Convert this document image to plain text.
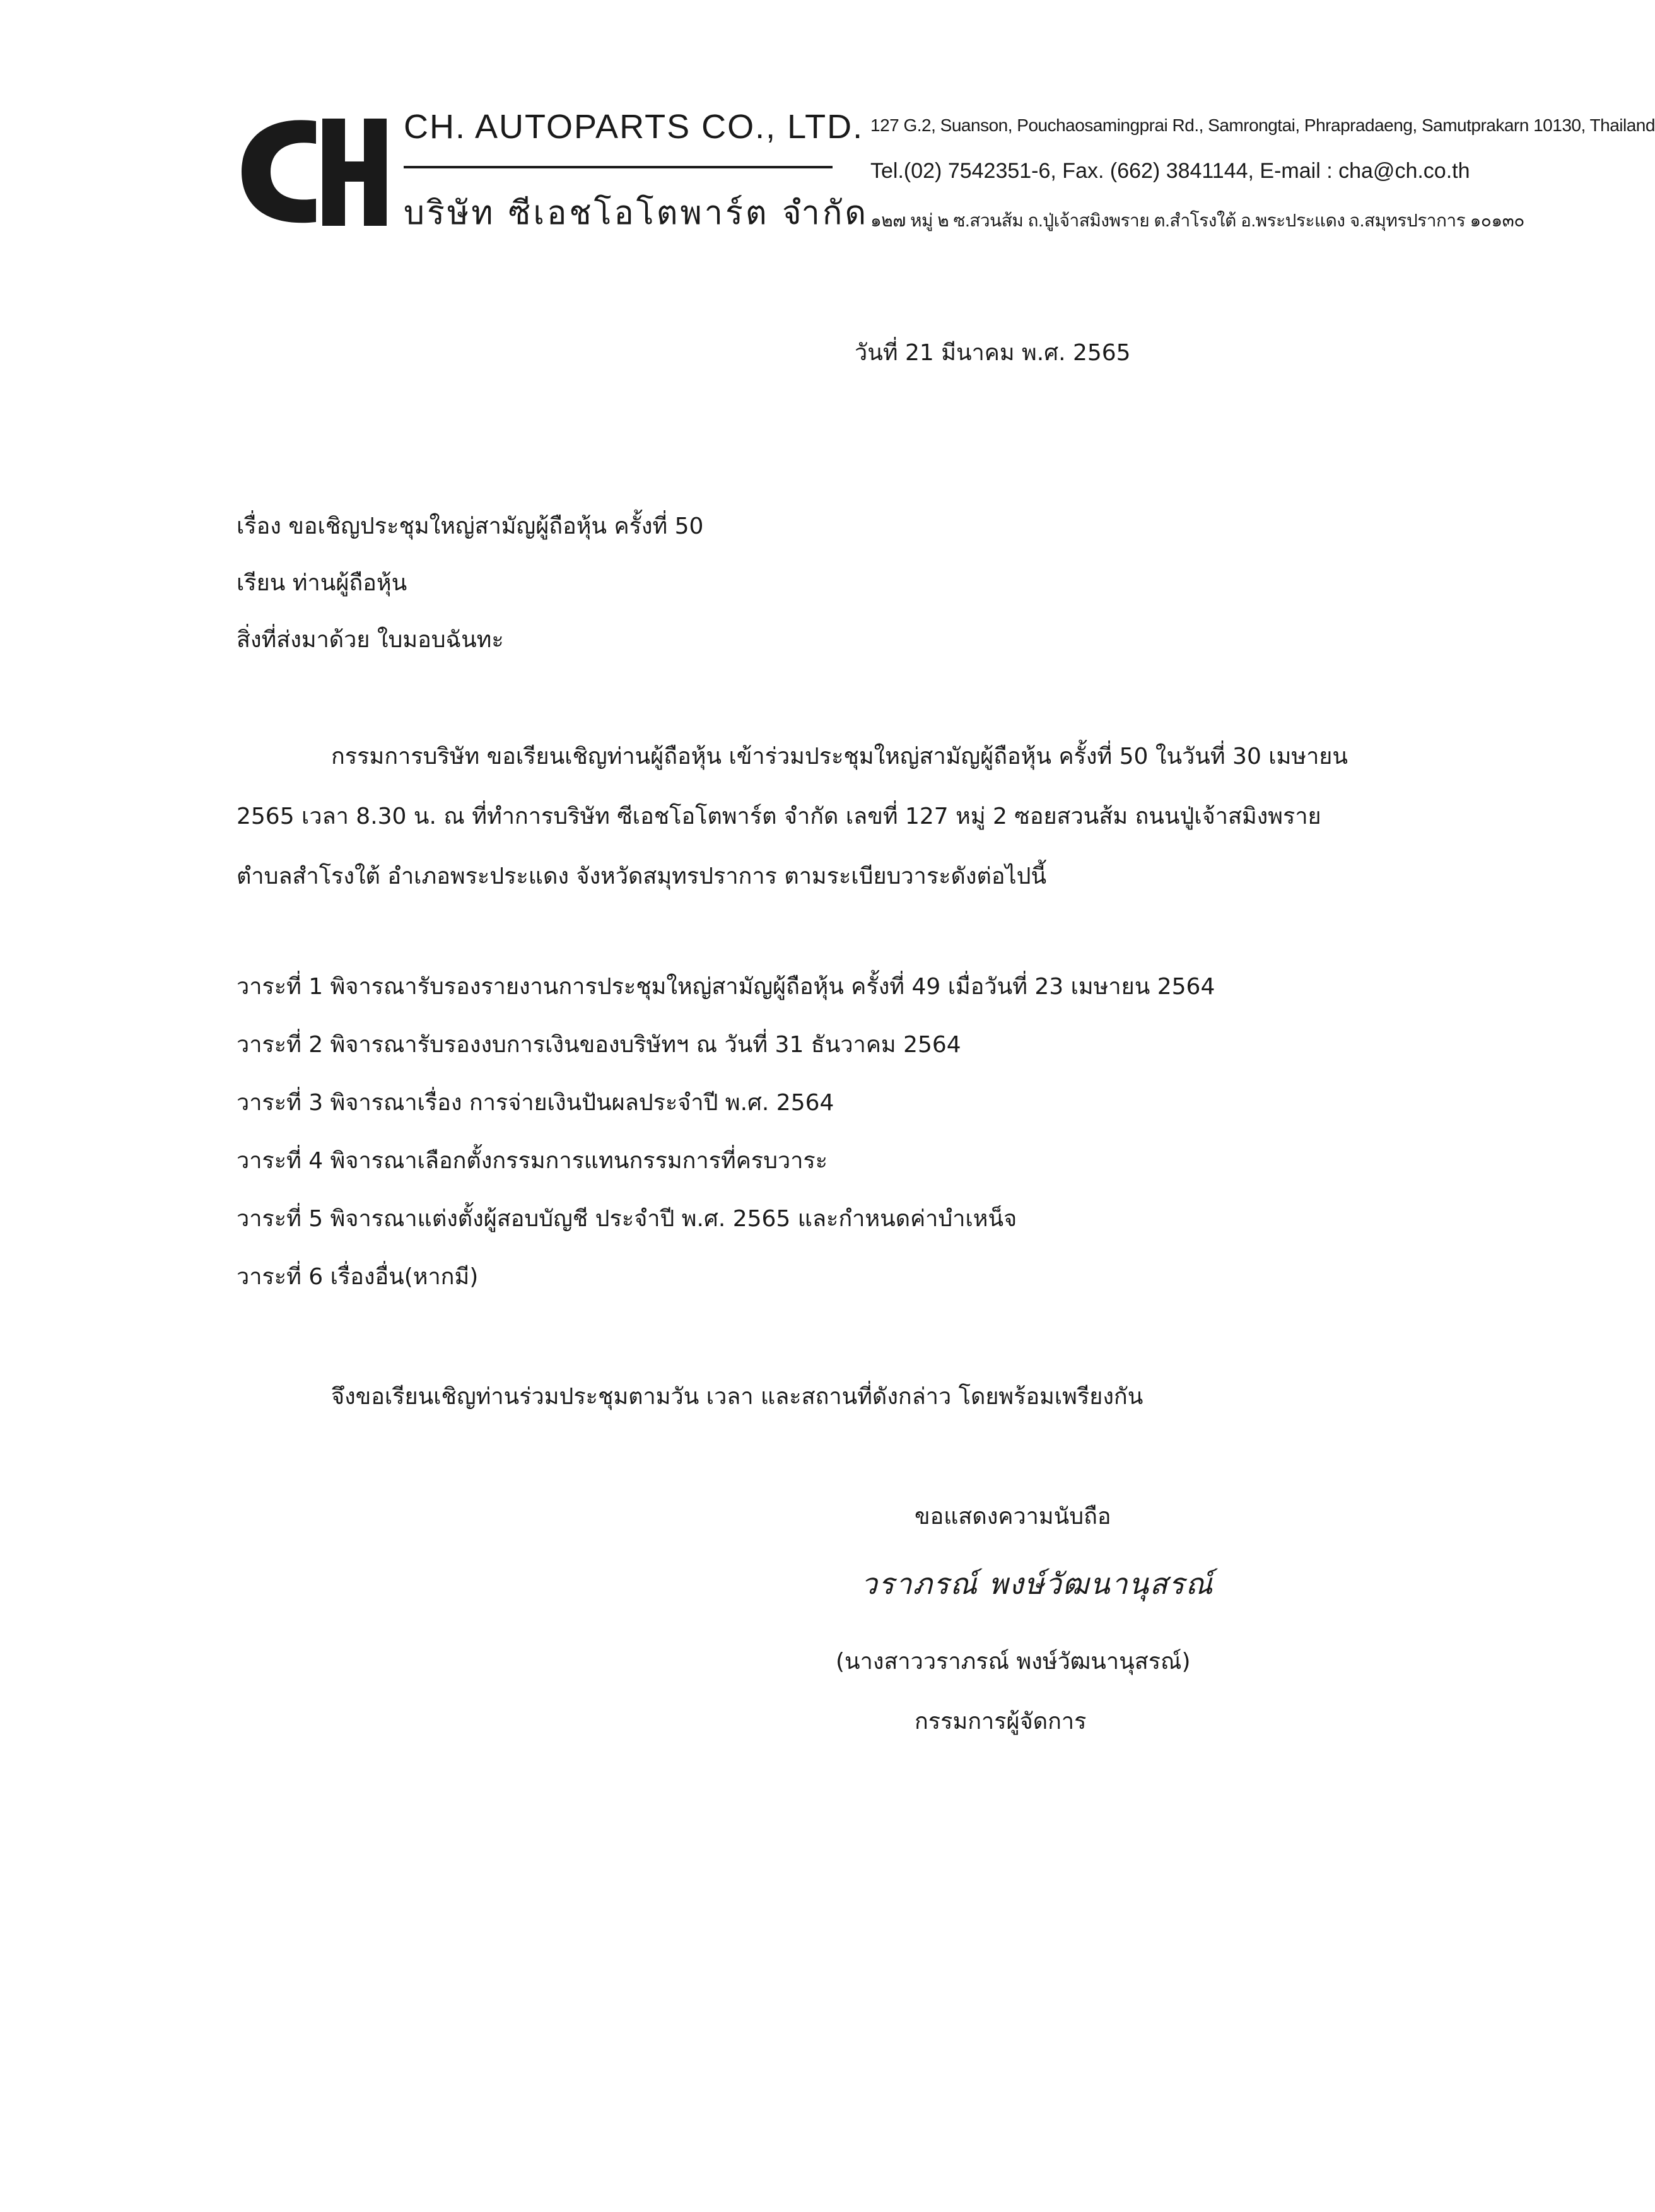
CH. AUTOPARTS CO., LTD.
บริษัท ซีเอชโอโตพาร์ต จำกัด
127 G.2, Suanson, Pouchaosamingprai Rd., Samrongtai, Phrapradaeng, Samutprakarn 10130, Thailand
Tel.(02) 7542351-6, Fax. (662) 3841144, E-mail : cha@ch.co.th
๑๒๗ หมู่ ๒ ซ.สวนส้ม ถ.ปู่เจ้าสมิงพราย ต.สำโรงใต้ อ.พระประแดง จ.สมุทรปราการ ๑๐๑๓๐
วันที่ 21 มีนาคม พ.ศ. 2565
เรื่อง ขอเชิญประชุมใหญ่สามัญผู้ถือหุ้น ครั้งที่ 50
เรียน ท่านผู้ถือหุ้น
สิ่งที่ส่งมาด้วย ใบมอบฉันทะ
กรรมการบริษัท ขอเรียนเชิญท่านผู้ถือหุ้น เข้าร่วมประชุมใหญ่สามัญผู้ถือหุ้น ครั้งที่ 50 ในวันที่ 30 เมษายน
2565 เวลา 8.30 น. ณ ที่ทำการบริษัท ซีเอชโอโตพาร์ต จำกัด เลขที่ 127 หมู่ 2 ซอยสวนส้ม ถนนปู่เจ้าสมิงพราย
ตำบลสำโรงใต้ อำเภอพระประแดง จังหวัดสมุทรปราการ ตามระเบียบวาระดังต่อไปนี้
วาระที่ 1 พิจารณารับรองรายงานการประชุมใหญ่สามัญผู้ถือหุ้น ครั้งที่ 49 เมื่อวันที่ 23 เมษายน 2564
วาระที่ 2 พิจารณารับรองงบการเงินของบริษัทฯ ณ วันที่ 31 ธันวาคม 2564
วาระที่ 3 พิจารณาเรื่อง การจ่ายเงินปันผลประจำปี พ.ศ. 2564
วาระที่ 4 พิจารณาเลือกตั้งกรรมการแทนกรรมการที่ครบวาระ
วาระที่ 5 พิจารณาแต่งตั้งผู้สอบบัญชี ประจำปี พ.ศ. 2565 และกำหนดค่าบำเหน็จ
วาระที่ 6 เรื่องอื่น(หากมี)
จึงขอเรียนเชิญท่านร่วมประชุมตามวัน เวลา และสถานที่ดังกล่าว โดยพร้อมเพรียงกัน
ขอแสดงความนับถือ
วราภรณ์ พงษ์วัฒนานุสรณ์
(นางสาววราภรณ์ พงษ์วัฒนานุสรณ์)
กรรมการผู้จัดการ
